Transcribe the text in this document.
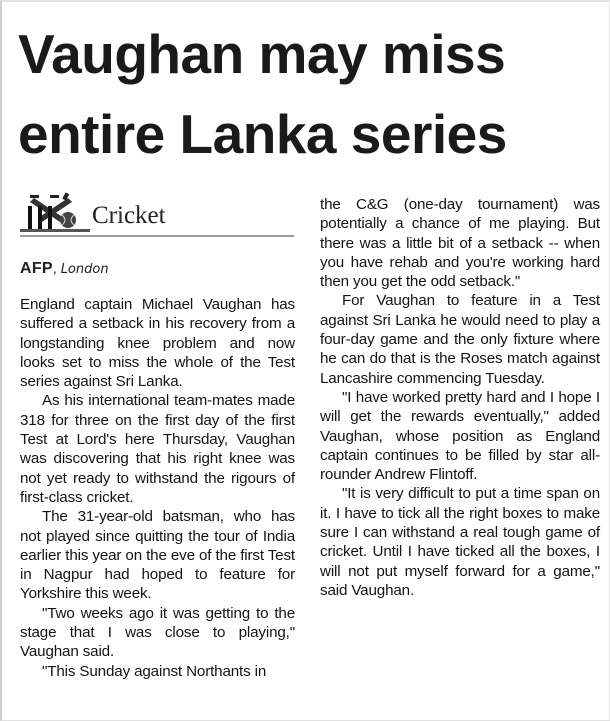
Vaughan may miss
entire Lanka series
Cricket
AFP, London

England captain Michael Vaughan has suffered a setback in his recovery from a longstanding knee problem and now looks set to miss the whole of the Test series against Sri Lanka.

As his international team-mates made 318 for three on the first day of the first Test at Lord's here Thursday, Vaughan was discovering that his right knee was not yet ready to withstand the rigours of first-class cricket.

The 31-year-old batsman, who has not played since quitting the tour of India earlier this year on the eve of the first Test in Nagpur had hoped to feature for Yorkshire this week.

"Two weeks ago it was getting to the stage that I was close to playing," Vaughan said.

"This Sunday against Northants in

the C&G (one-day tournament) was potentially a chance of me playing. But there was a little bit of a setback -- when you have rehab and you're working hard then you get the odd setback."

For Vaughan to feature in a Test against Sri Lanka he would need to play a four-day game and the only fixture where he can do that is the Roses match against Lancashire commencing Tuesday.

"I have worked pretty hard and I hope I will get the rewards eventually," added Vaughan, whose position as England captain continues to be filled by star all-rounder Andrew Flintoff.

"It is very difficult to put a time span on it. I have to tick all the right boxes to make sure I can withstand a real tough game of cricket. Until I have ticked all the boxes, I will not put myself forward for a game," said Vaughan.
